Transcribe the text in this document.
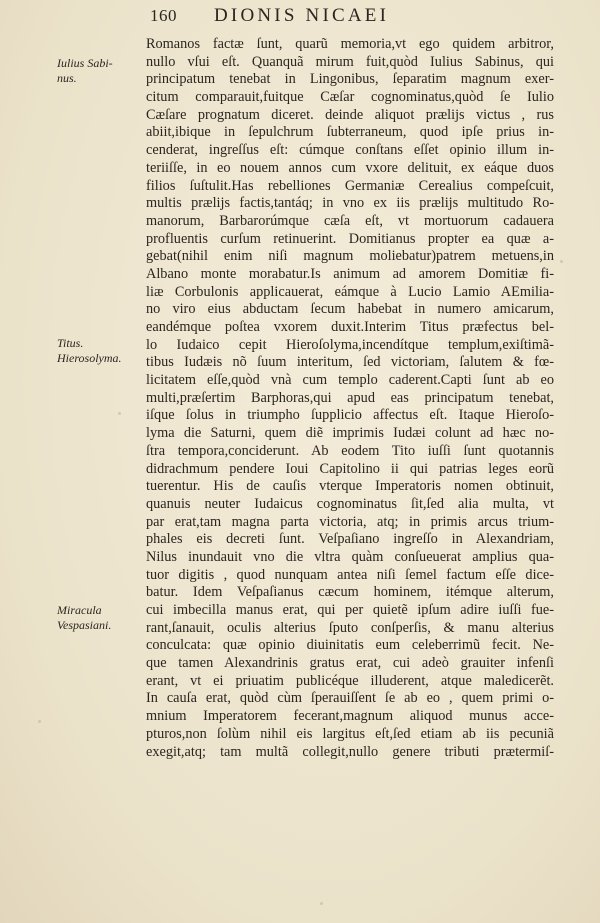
160 DIONIS NICAEI
Iulius Sabi-
nus.
Titus.
Hierosolyma.
Miracula
Vespasiani.
Romanos factæ ſunt, quarũ memoria,vt ego quidem arbitror,
nullo vſui eſt. Quanquã mirum fuit,quòd Iulius Sabinus, qui
principatum tenebat in Lingonibus, ſeparatim magnum exer-
citum comparauit,fuitque Cæſar cognominatus,quòd ſe Iulio
Cæſare prognatum diceret. deinde aliquot prælijs victus , rus
abiit,ibique in ſepulchrum ſubterraneum, quod ipſe prius in-
cenderat, ingreſſus eſt: cúmque conſtans eſſet opinio illum in-
teriiſſe, in eo nouem annos cum vxore delituit, ex eáque duos
filios ſuſtulit.Has rebelliones Germaniæ Cerealius compeſcuit,
multis prælijs factis,tantáq; in vno ex iis prælijs multitudo Ro-
manorum, Barbarorúmque cæſa eſt, vt mortuorum cadauera
profluentis curſum retinuerint. Domitianus propter ea quæ a-
gebat(nihil enim niſi magnum moliebatur)patrem metuens,in
Albano monte morabatur.Is animum ad amorem Domitiæ fi-
liæ Corbulonis applicauerat, eámque à Lucio Lamio AEmilia-
no viro eius abductam ſecum habebat in numero amicarum,
eandémque poſtea vxorem duxit.Interim Titus præfectus bel-
lo Iudaico cepit Hieroſolyma,incendítque templum,exiſtimã-
tibus Iudæis nõ ſuum interitum, ſed victoriam, ſalutem & fœ-
licitatem eſſe,quòd vnà cum templo caderent.Capti ſunt ab eo
multi,præſertim Barphoras,qui apud eas principatum tenebat,
iſque ſolus in triumpho ſupplicio affectus eſt. Itaque Hieroſo-
lyma die Saturni, quem diẽ imprimis Iudæi colunt ad hæc no-
ſtra tempora,conciderunt. Ab eodem Tito iuſſi ſunt quotannis
didrachmum pendere Ioui Capitolino ii qui patrias leges eorũ
tuerentur. His de cauſis vterque Imperatoris nomen obtinuit,
quanuis neuter Iudaicus cognominatus ſit,ſed alia multa, vt
par erat,tam magna parta victoria, atq; in primis arcus trium-
phales eis decreti ſunt. Veſpaſiano ingreſſo in Alexandriam,
Nilus inundauit vno die vltra quàm conſueuerat amplius qua-
tuor digitis , quod nunquam antea niſi ſemel factum eſſe dice-
batur. Idem Veſpaſianus cæcum hominem, itémque alterum,
cui imbecilla manus erat, qui per quietẽ ipſum adire iuſſi fue-
rant,ſanauit, oculis alterius ſputo conſperſis, & manu alterius
conculcata: quæ opinio diuinitatis eum celeberrimũ fecit. Ne-
que tamen Alexandrinis gratus erat, cui adeò grauiter infenſi
erant, vt ei priuatim publicéque illuderent, atque maledicerẽt.
In cauſa erat, quòd cùm ſperauiſſent ſe ab eo , quem primi o-
mnium Imperatorem fecerant,magnum aliquod munus acce-
pturos,non ſolùm nihil eis largitus eſt,ſed etiam ab iis pecuniã
exegit,atq; tam multã collegit,nullo genere tributi prætermiſ-
